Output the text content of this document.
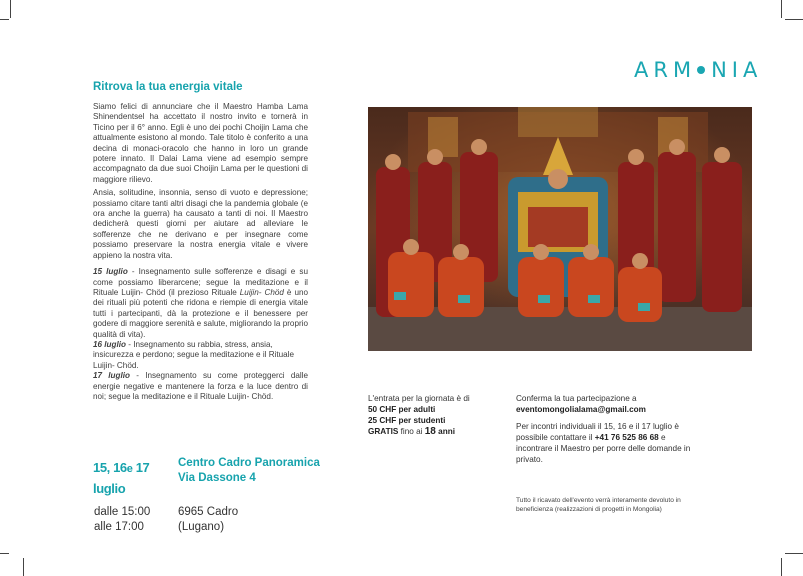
ARM NIA
Ritrova la tua energia vitale

Siamo felici di annunciare che il Maestro Hamba Lama Shinendentsel ha accettato il nostro invito e tornerà in Ticino per il 6° anno. Egli è uno dei pochi Choijin Lama che attualmente esistono al mondo. Tale titolo è conferito a una decina di monaci-oracolo che hanno in loro un grande potere innato. Il Dalai Lama viene ad esempio sempre accompagnato da due suoi Choijin Lama per le questioni di maggiore rilievo.

Ansia, solitudine, insonnia, senso di vuoto e depressione; possiamo citare tanti altri disagi che la pandemia globale (e ora anche la guerra) ha causato a tanti di noi. Il Maestro dedicherà questi giorni per aiutare ad alleviare le sofferenze che ne derivano e per insegnare come possiamo preservare la nostra energia vitale e vivere appieno la nostra vita.

15 luglio - Insegnamento sulle sofferenze e disagi e su come possiamo liberarcene; segue la meditazione e il Rituale Luijin- Chöd (il prezioso Rituale Luijin- Chöd è uno dei rituali più potenti che ridona e riempie di energia vitale tutti i partecipanti, dà la protezione e il benessere per godere di maggiore serenità e salute, migliorando la proprio qualità di vita).

16 luglio - Insegnamento su rabbia, stress, ansia, insicurezza e perdono; segue la meditazione e il Rituale Luijin- Chöd.

17 luglio - Insegnamento su come proteggerci dalle energie negative e mantenere la forza e la luce dentro di noi; segue la meditazione e il Rituale Luijin- Chöd.

15, 16e 17
luglio
Centro Cadro Panoramica
Via Dassone 4
dalle 15:00
alle 17:00
6965 Cadro
(Lugano)
L'entrata per la giornata è di
50 CHF per adulti
25 CHF per studenti
GRATIS fino ai 18 anni

Conferma la tua partecipazione a
eventomongolialama@gmail.com

Per incontri individuali il 15, 16 e il 17 luglio è possibile contattare il +41 76 525 86 68 e incontrare il Maestro per porre delle domande in privato.

Tutto il ricavato dell'evento verrà interamente devoluto in beneficienza (realizzazioni di progetti in Mongolia)
